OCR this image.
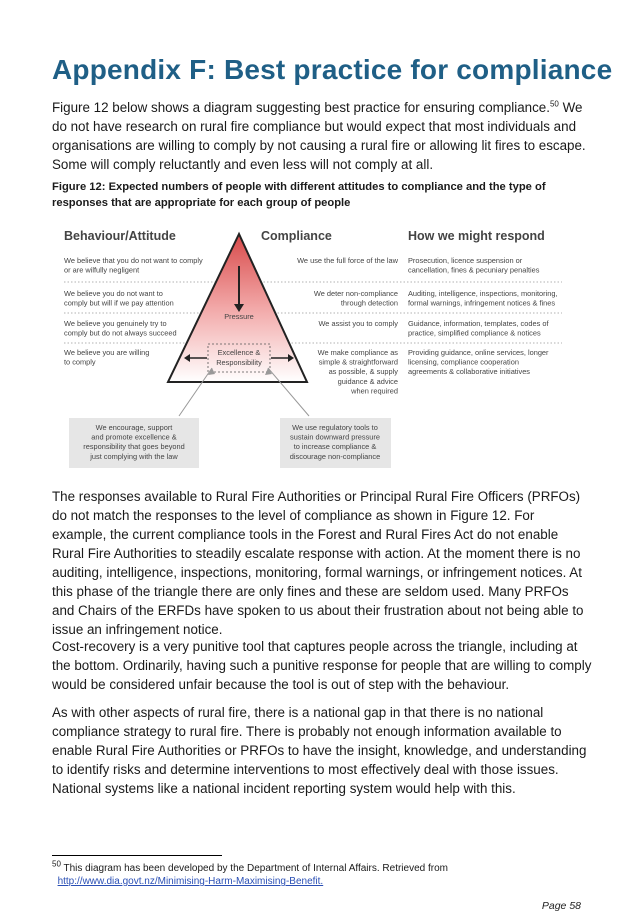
Appendix F: Best practice for compliance
Figure 12 below shows a diagram suggesting best practice for ensuring compliance.$^{50}$ We do not have research on rural fire compliance but would expect that most individuals and organisations are willing to comply by not causing a rural fire or allowing lit fires to escape. Some will comply reluctantly and even less will not comply at all.
Figure 12: Expected numbers of people with different attitudes to compliance and the type of responses that are appropriate for each group of people
Behaviour/Attitude	Compliance	How we might respond
Pressure
Excellence &
Responsibility
We believe that you do not want to comply
or are wilfully negligent
We use the full force of the law Prosecution, licence suspension or
cancellation, fines & pecuniary penalties
We believe you do not want to
comply but will if we pay attention
We deter non-compliance
through detection
Auditing, intelligence, inspections, monitoring,
formal warnings, infringement notices & fines
We believe you genuinely try to
comply but do not always succeed
We assist you to comply Guidance, information, templates, codes of
practice, simplified compliance & notices
We believe you are willing
to comply
We make compliance as
simple & straightforward
as possible, & supply
guidance & advice
when required
Providing guidance, online services, longer
licensing, compliance cooperation
agreements & collaborative initiatives
We encourage, support
and promote excellence &
responsibility that goes beyond
just complying with the law
We use regulatory tools to
sustain downward pressure
to increase compliance &
discourage non-compliance
The responses available to Rural Fire Authorities or Principal Rural Fire Officers (PRFOs) do not match the responses to the level of compliance as shown in Figure 12. For example, the current compliance tools in the Forest and Rural Fires Act do not enable Rural Fire Authorities to steadily escalate response with action. At the moment there is no auditing, intelligence, inspections, monitoring, formal warnings, or infringement notices. At this phase of the triangle there are only fines and these are seldom used. Many PRFOs and Chairs of the ERFDs have spoken to us about their frustration about not being able to issue an infringement notice.
Cost-recovery is a very punitive tool that captures people across the triangle, including at the bottom. Ordinarily, having such a punitive response for people that are willing to comply would be considered unfair because the tool is out of step with the behaviour.
As with other aspects of rural fire, there is a national gap in that there is no national compliance strategy to rural fire. There is probably not enough information available to enable Rural Fire Authorities or PRFOs to have the insight, knowledge, and understanding to identify risks and determine interventions to most effectively deal with those issues. National systems like a national incident reporting system would help with this.
$^{50}$ This diagram has been developed by the Department of Internal Affairs. Retrieved from
http://www.dia.govt.nz/Minimising-Harm-Maximising-Benefit.
Page 58
